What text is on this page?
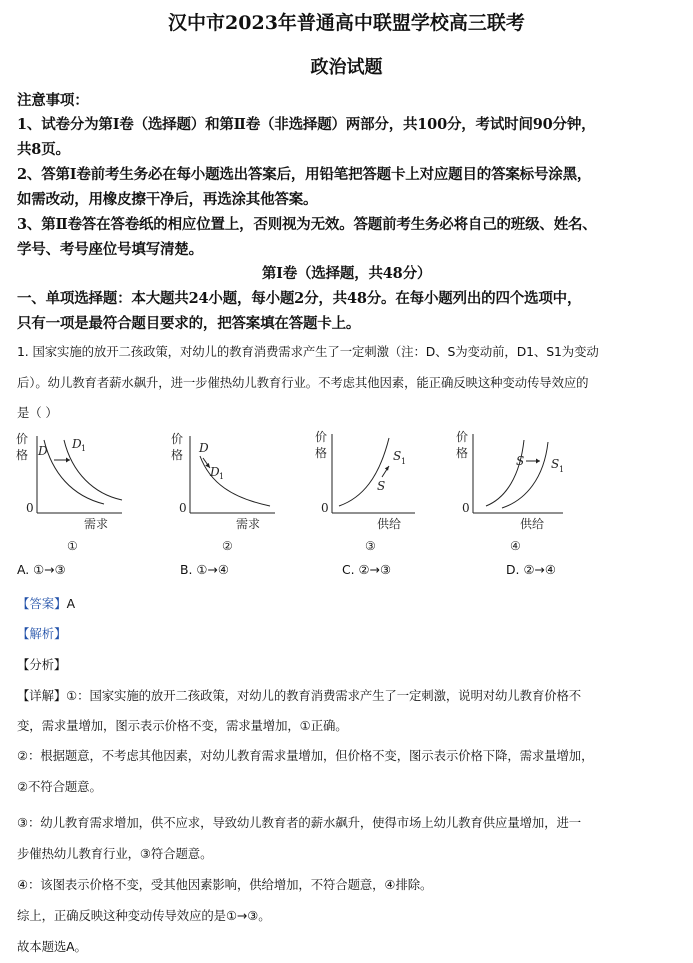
汉中市2023年普通高中联盟学校高三联考
政治试题
注意事项：
1、试卷分为第Ⅰ卷（选择题）和第Ⅱ卷（非选择题）两部分，共100分，考试时间90分钟，
共8页。
2、答第Ⅰ卷前考生务必在每小题选出答案后，用铅笔把答题卡上对应题目的答案标号涂黑，
如需改动，用橡皮擦干净后，再选涂其他答案。
3、第Ⅱ卷答在答卷纸的相应位置上，否则视为无效。答题前考生务必将自己的班级、姓名、
学号、考号座位号填写清楚。
第Ⅰ卷（选择题，共48分）
一、单项选择题：本大题共24小题，每小题2分，共48分。在每小题列出的四个选项中，
只有一项是最符合题目要求的，把答案填在答题卡上。
1. 国家实施的放开二孩政策，对幼儿的教育消费需求产生了一定刺激（注：D、S为变动前，D1、S1为变动
后）。幼儿教育者薪水飙升，进一步催热幼儿教育行业。不考虑其他因素，能正确反映这种变动传导效应的
是（ ）
价
格
0
需求
D D 1
①
价
格
0
需求
D
D 1
②
价
格
0
供给
S 1
S
③
价
格
0
供给
S S 1
④
A. ①→③	B. ①→④	C. ②→③	D. ②→④
【答案】A
【解析】
【分析】
【详解】①：国家实施的放开二孩政策，对幼儿的教育消费需求产生了一定刺激，说明对幼儿教育价格不
变，需求量增加，图示表示价格不变，需求量增加，①正确。
②：根据题意，不考虑其他因素，对幼儿教育需求量增加，但价格不变，图示表示价格下降，需求量增加，
②不符合题意。
③：幼儿教育需求增加，供不应求，导致幼儿教育者的薪水飙升，使得市场上幼儿教育供应量增加，进一
步催热幼儿教育行业，③符合题意。
④：该图表示价格不变，受其他因素影响，供给增加，不符合题意，④排除。
综上，正确反映这种变动传导效应的是①→③。
故本题选A。
